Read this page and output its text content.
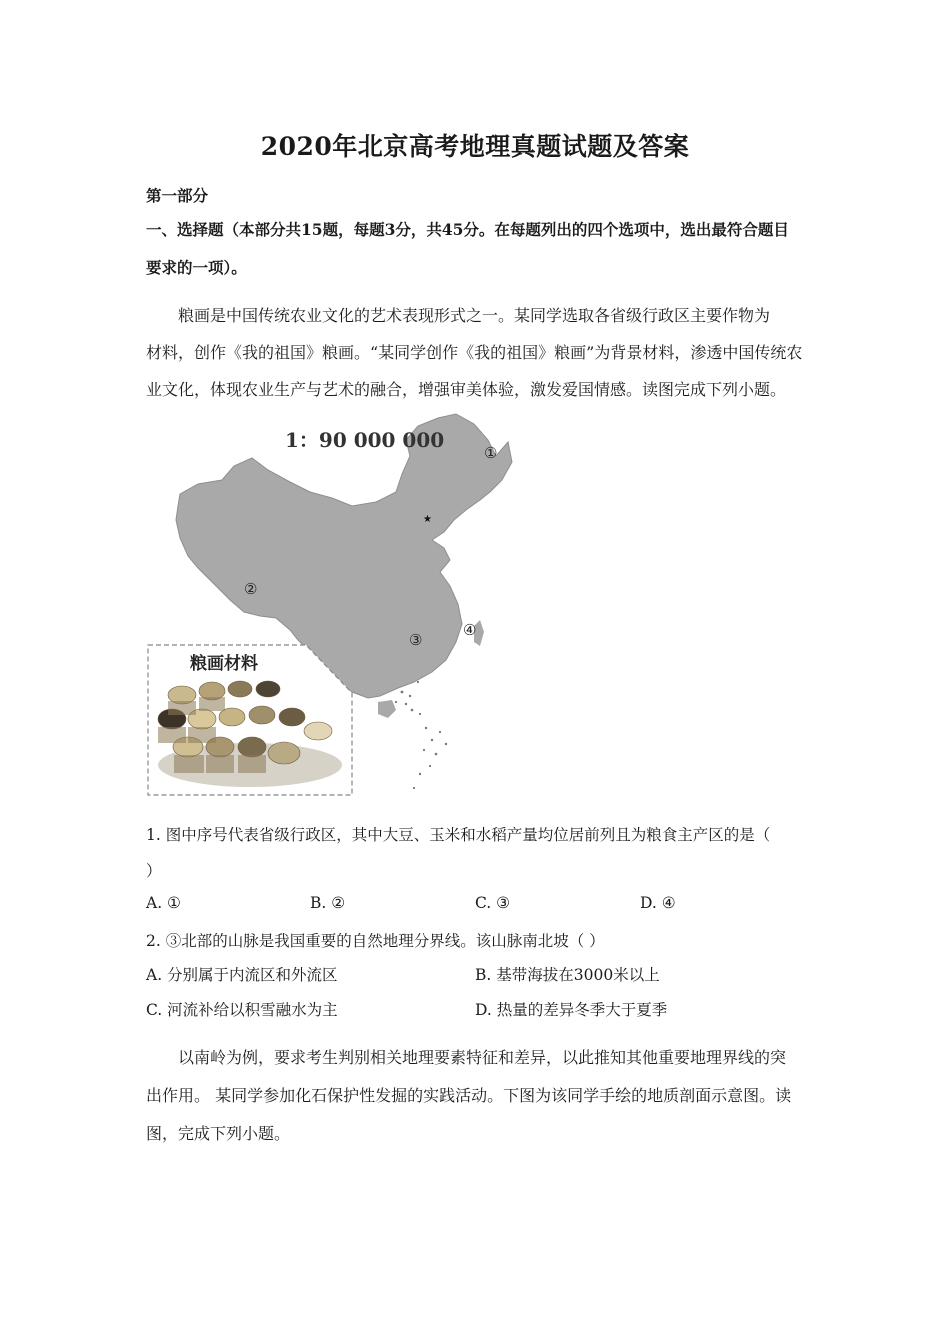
2020年北京高考地理真题试题及答案
第一部分
一、选择题（本部分共15题，每题3分，共45分。在每题列出的四个选项中，选出最符合题目
要求的一项）。
粮画是中国传统农业文化的艺术表现形式之一。某同学选取各省级行政区主要作物为
材料，创作《我的祖国》粮画。“某同学创作《我的祖国》粮画”为背景材料，渗透中国传统农
业文化，体现农业生产与艺术的融合，增强审美体验，激发爱国情感。读图完成下列小题。
★
1：90 000 000
①
②
③
④
粮画材料
1. 图中序号代表省级行政区，其中大豆、玉米和水稻产量均位居前列且为粮食主产区的是（
）
A. ①	B. ②	C. ③	D. ④
2. ③北部的山脉是我国重要的自然地理分界线。该山脉南北坡（ ）
A. 分别属于内流区和外流区	B. 基带海拔在3000米以上
C. 河流补给以积雪融水为主	D. 热量的差异冬季大于夏季
以南岭为例，要求考生判别相关地理要素特征和差异，以此推知其他重要地理界线的突
出作用。 某同学参加化石保护性发掘的实践活动。下图为该同学手绘的地质剖面示意图。读
图，完成下列小题。
